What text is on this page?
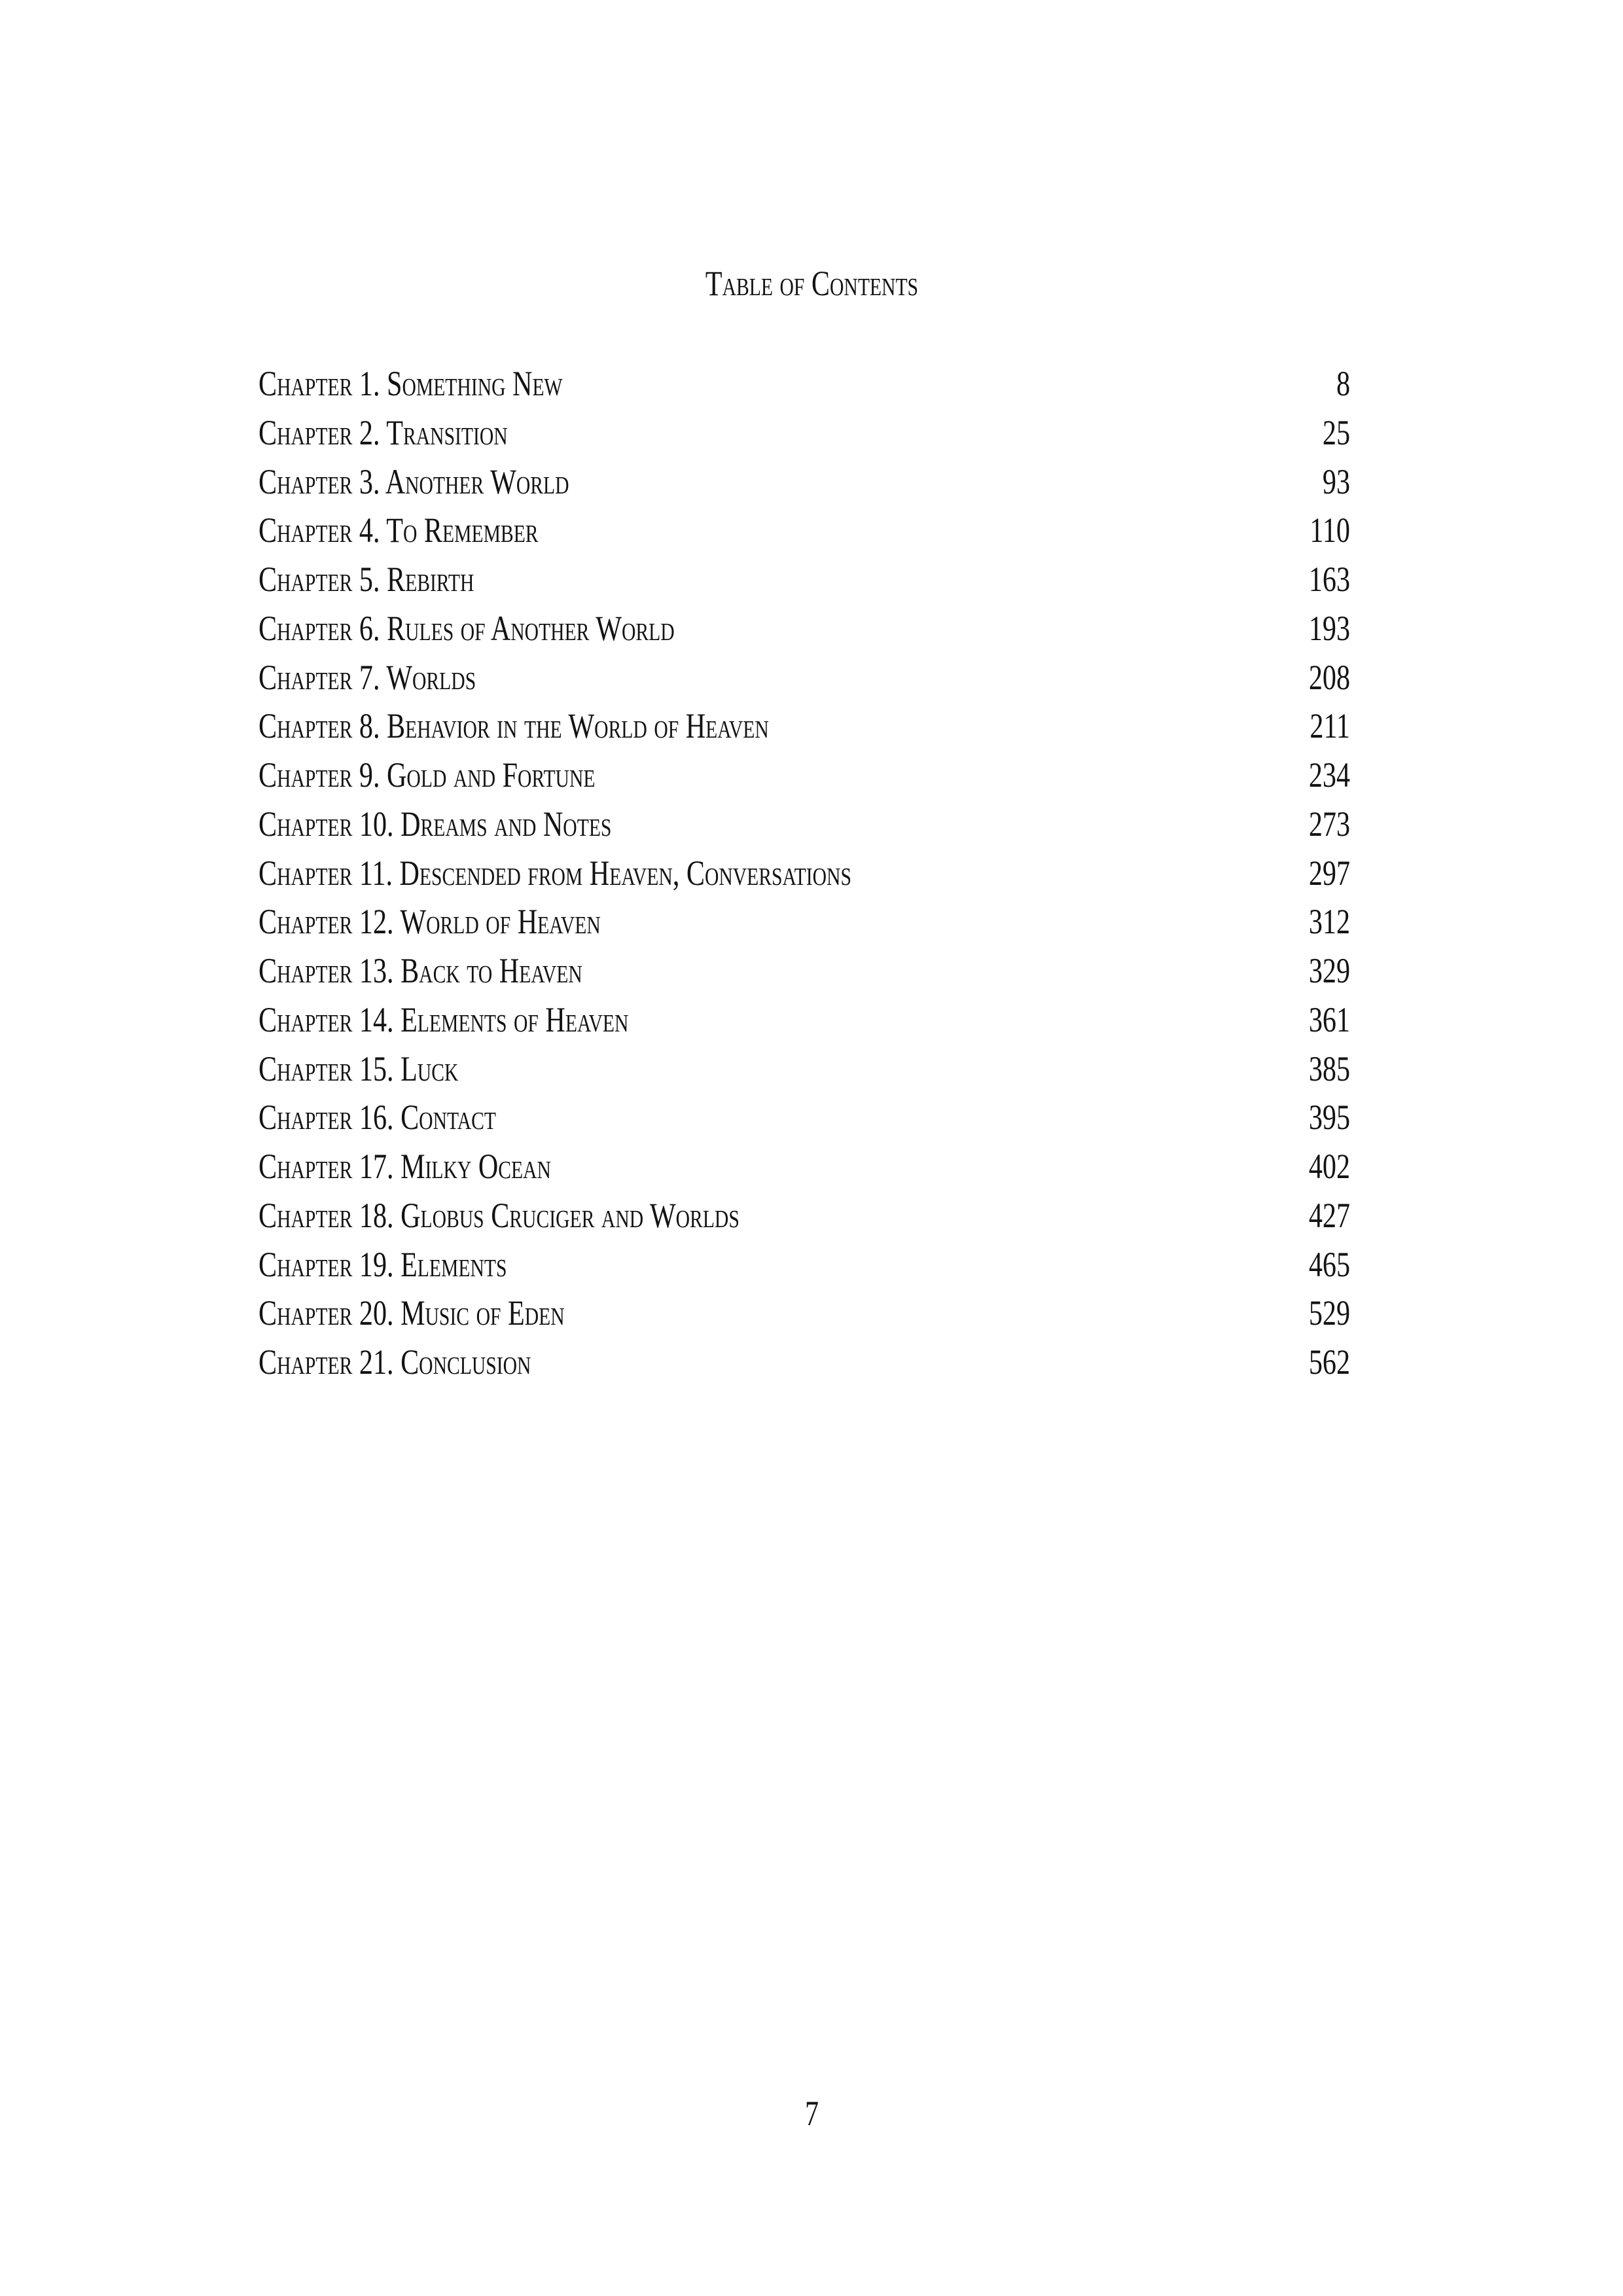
Table of Contents
Chapter 1. Something New	8
Chapter 2. Transition	25
Chapter 3. Another World	93
Chapter 4. To Remember	110
Chapter 5. Rebirth	163
Chapter 6. Rules of Another World	193
Chapter 7. Worlds	208
Chapter 8. Behavior in the World of Heaven	211
Chapter 9. Gold and Fortune	234
Chapter 10. Dreams and Notes	273
Chapter 11. Descended from Heaven, Conversations	297
Chapter 12. World of Heaven	312
Chapter 13. Back to Heaven	329
Chapter 14. Elements of Heaven	361
Chapter 15. Luck	385
Chapter 16. Contact	395
Chapter 17. Milky Ocean	402
Chapter 18. Globus Cruciger and Worlds	427
Chapter 19. Elements	465
Chapter 20. Music of Eden	529
Chapter 21. Conclusion	562
7
